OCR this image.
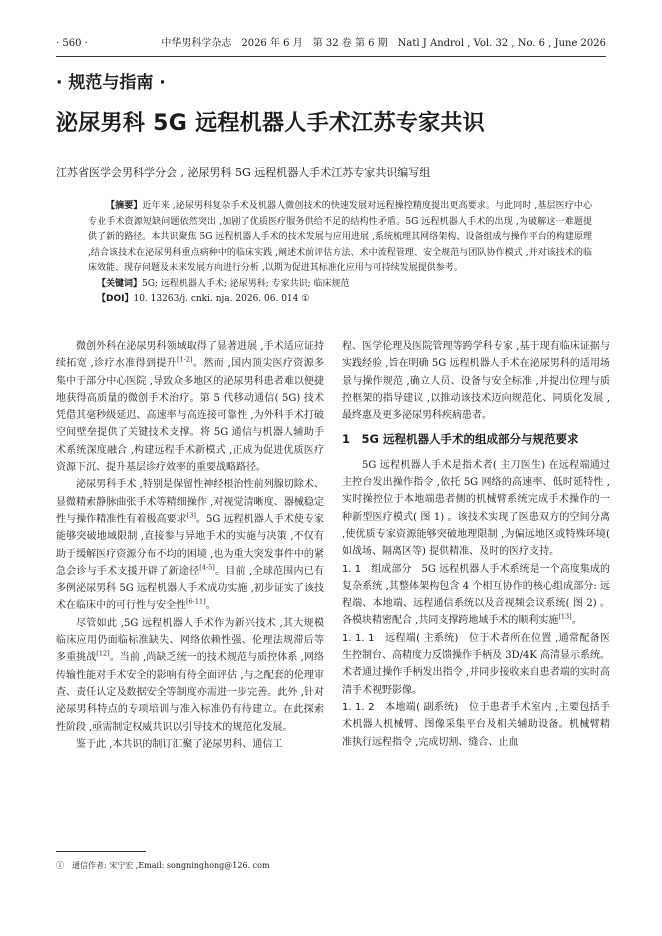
· 560 ·	中华男科学杂志　2026 年 6 月　第 32 卷 第 6 期　Natl J Androl , Vol. 32 , No. 6 , June 2026
· 规范与指南 ·
泌尿男科 5G 远程机器人手术江苏专家共识
江苏省医学会男科学分会 , 泌尿男科 5G 远程机器人手术江苏专家共识编写组

【摘要】近年来 ,泌尿男科复杂手术及机器人微创技术的快速发展对远程操控精度提出更高要求。与此同时 ,基层医疗中心专业手术资源短缺问题依然突出 ,加剧了优质医疗服务供给不足的结构性矛盾。5G 远程机器人手术的出现 ,为破解这一难题提供了新的路径。本共识聚焦 5G 远程机器人手术的技术发展与应用进展 ,系统梳理其网络架构、设备组成与操作平台的构建原理 ,结合该技术在泌尿男科重点病种中的临床实践 ,阐述术前评估方法、术中流程管理、安全规范与团队协作模式 ,并对该技术的临床效能、现存问题及未来发展方向进行分析 ,以期为促进其标准化应用与可持续发展提供参考。

【关键词】5G; 远程机器人手术; 泌尿男科; 专家共识; 临床规范

【DOI】10. 13263/j. cnki. nja. 2026. 06. 014 ①

微创外科在泌尿男科领域取得了显著进展 ,手术适应证持续拓宽 ,诊疗水准得到提升[1-2]。然而 ,国内顶尖医疗资源多集中于部分中心医院 ,导致众多地区的泌尿男科患者难以便捷地获得高质量的微创手术治疗。第 5 代移动通信( 5G) 技术凭借其毫秒级延迟、高速率与高连接可靠性 ,为外科手术打破空间壁垒提供了关键技术支撑。将 5G 通信与机器人辅助手术系统深度融合 ,构建远程手术新模式 ,正成为促进优质医疗资源下沉、提升基层诊疗效率的重要战略路径。

泌尿男科手术 ,特别是保留性神经根治性前列腺切除术、显微精索静脉曲张手术等精细操作 ,对视觉清晰度、器械稳定性与操作精准性有着极高要求[3]。5G 远程机器人手术使专家能够突破地域限制 ,直接参与异地手术的实施与决策 ,不仅有助于缓解医疗资源分布不均的困境 ,也为重大突发事件中的紧急会诊与手术支援开辟了新途径[4-5]。目前 ,全球范围内已有多例泌尿男科 5G 远程机器人手术成功实施 ,初步证实了该技术在临床中的可行性与安全性[6-11]。

尽管如此 ,5G 远程机器人手术作为新兴技术 ,其大规模临床应用仍面临标准缺失、网络依赖性强、伦理法规滞后等多重挑战[12]。当前 ,尚缺乏统一的技术规范与质控体系 ,网络传输性能对手术安全的影响有待全面评估 ,与之配套的伦理审查、责任认定及数据安全等制度亦需进一步完善。此外 ,针对泌尿男科特点的专项培训与准入标准仍有待建立。在此探索性阶段 ,亟需制定权威共识以引导技术的规范化发展。

鉴于此 ,本共识的制订汇聚了泌尿男科、通信工

程、医学伦理及医院管理等跨学科专家 ,基于现有临床证据与实践经验 ,旨在明确 5G 远程机器人手术在泌尿男科的适用场景与操作规范 ,确立人员、设备与安全标准 ,并提出位理与质控框架的指导建议 ,以推动该技术迈向规范化、同质化发展 ,最终惠及更多泌尿男科疾病患者。

1　5G 远程机器人手术的组成部分与规范要求

5G 远程机器人手术是指术者( 主刀医生) 在远程端通过主控台发出操作指令 ,依托 5G 网络的高速率、低时延特性 ,实时操控位于本地端患者侧的机械臂系统完成手术操作的一种新型医疗模式( 图 1) 。该技术实现了医患双方的空间分离 ,使优质专家资源能够突破地理限制 ,为偏远地区或特殊环境( 如战场、隔离区等) 提供精准、及时的医疗支持。

1. 1　组成部分　 5G 远程机器人手术系统是一个高度集成的复杂系统 ,其整体架构包含 4 个相互协作的核心组成部分: 远程端、本地端、远程通信系统以及音视频会议系统( 图 2) 。各模块精密配合 ,共同支撑跨地域手术的顺利实施[13]。

1. 1. 1　远程端( 主系统)　 位于术者所在位置 ,通常配备医生控制台、高精度力反馈操作手柄及 3D/4K 高清显示系统。术者通过操作手柄发出指令 ,并同步接收来自患者端的实时高清手术视野影像。

1. 1. 2　本地端( 副系统)　 位于患者手术室内 ,主要包括手术机器人机械臂、图像采集平台及相关辅助设备。机械臂精准执行远程指令 ,完成切割、缝合、止血

①　通信作者: 宋宁宏 ,Email: songninghong@126. com
